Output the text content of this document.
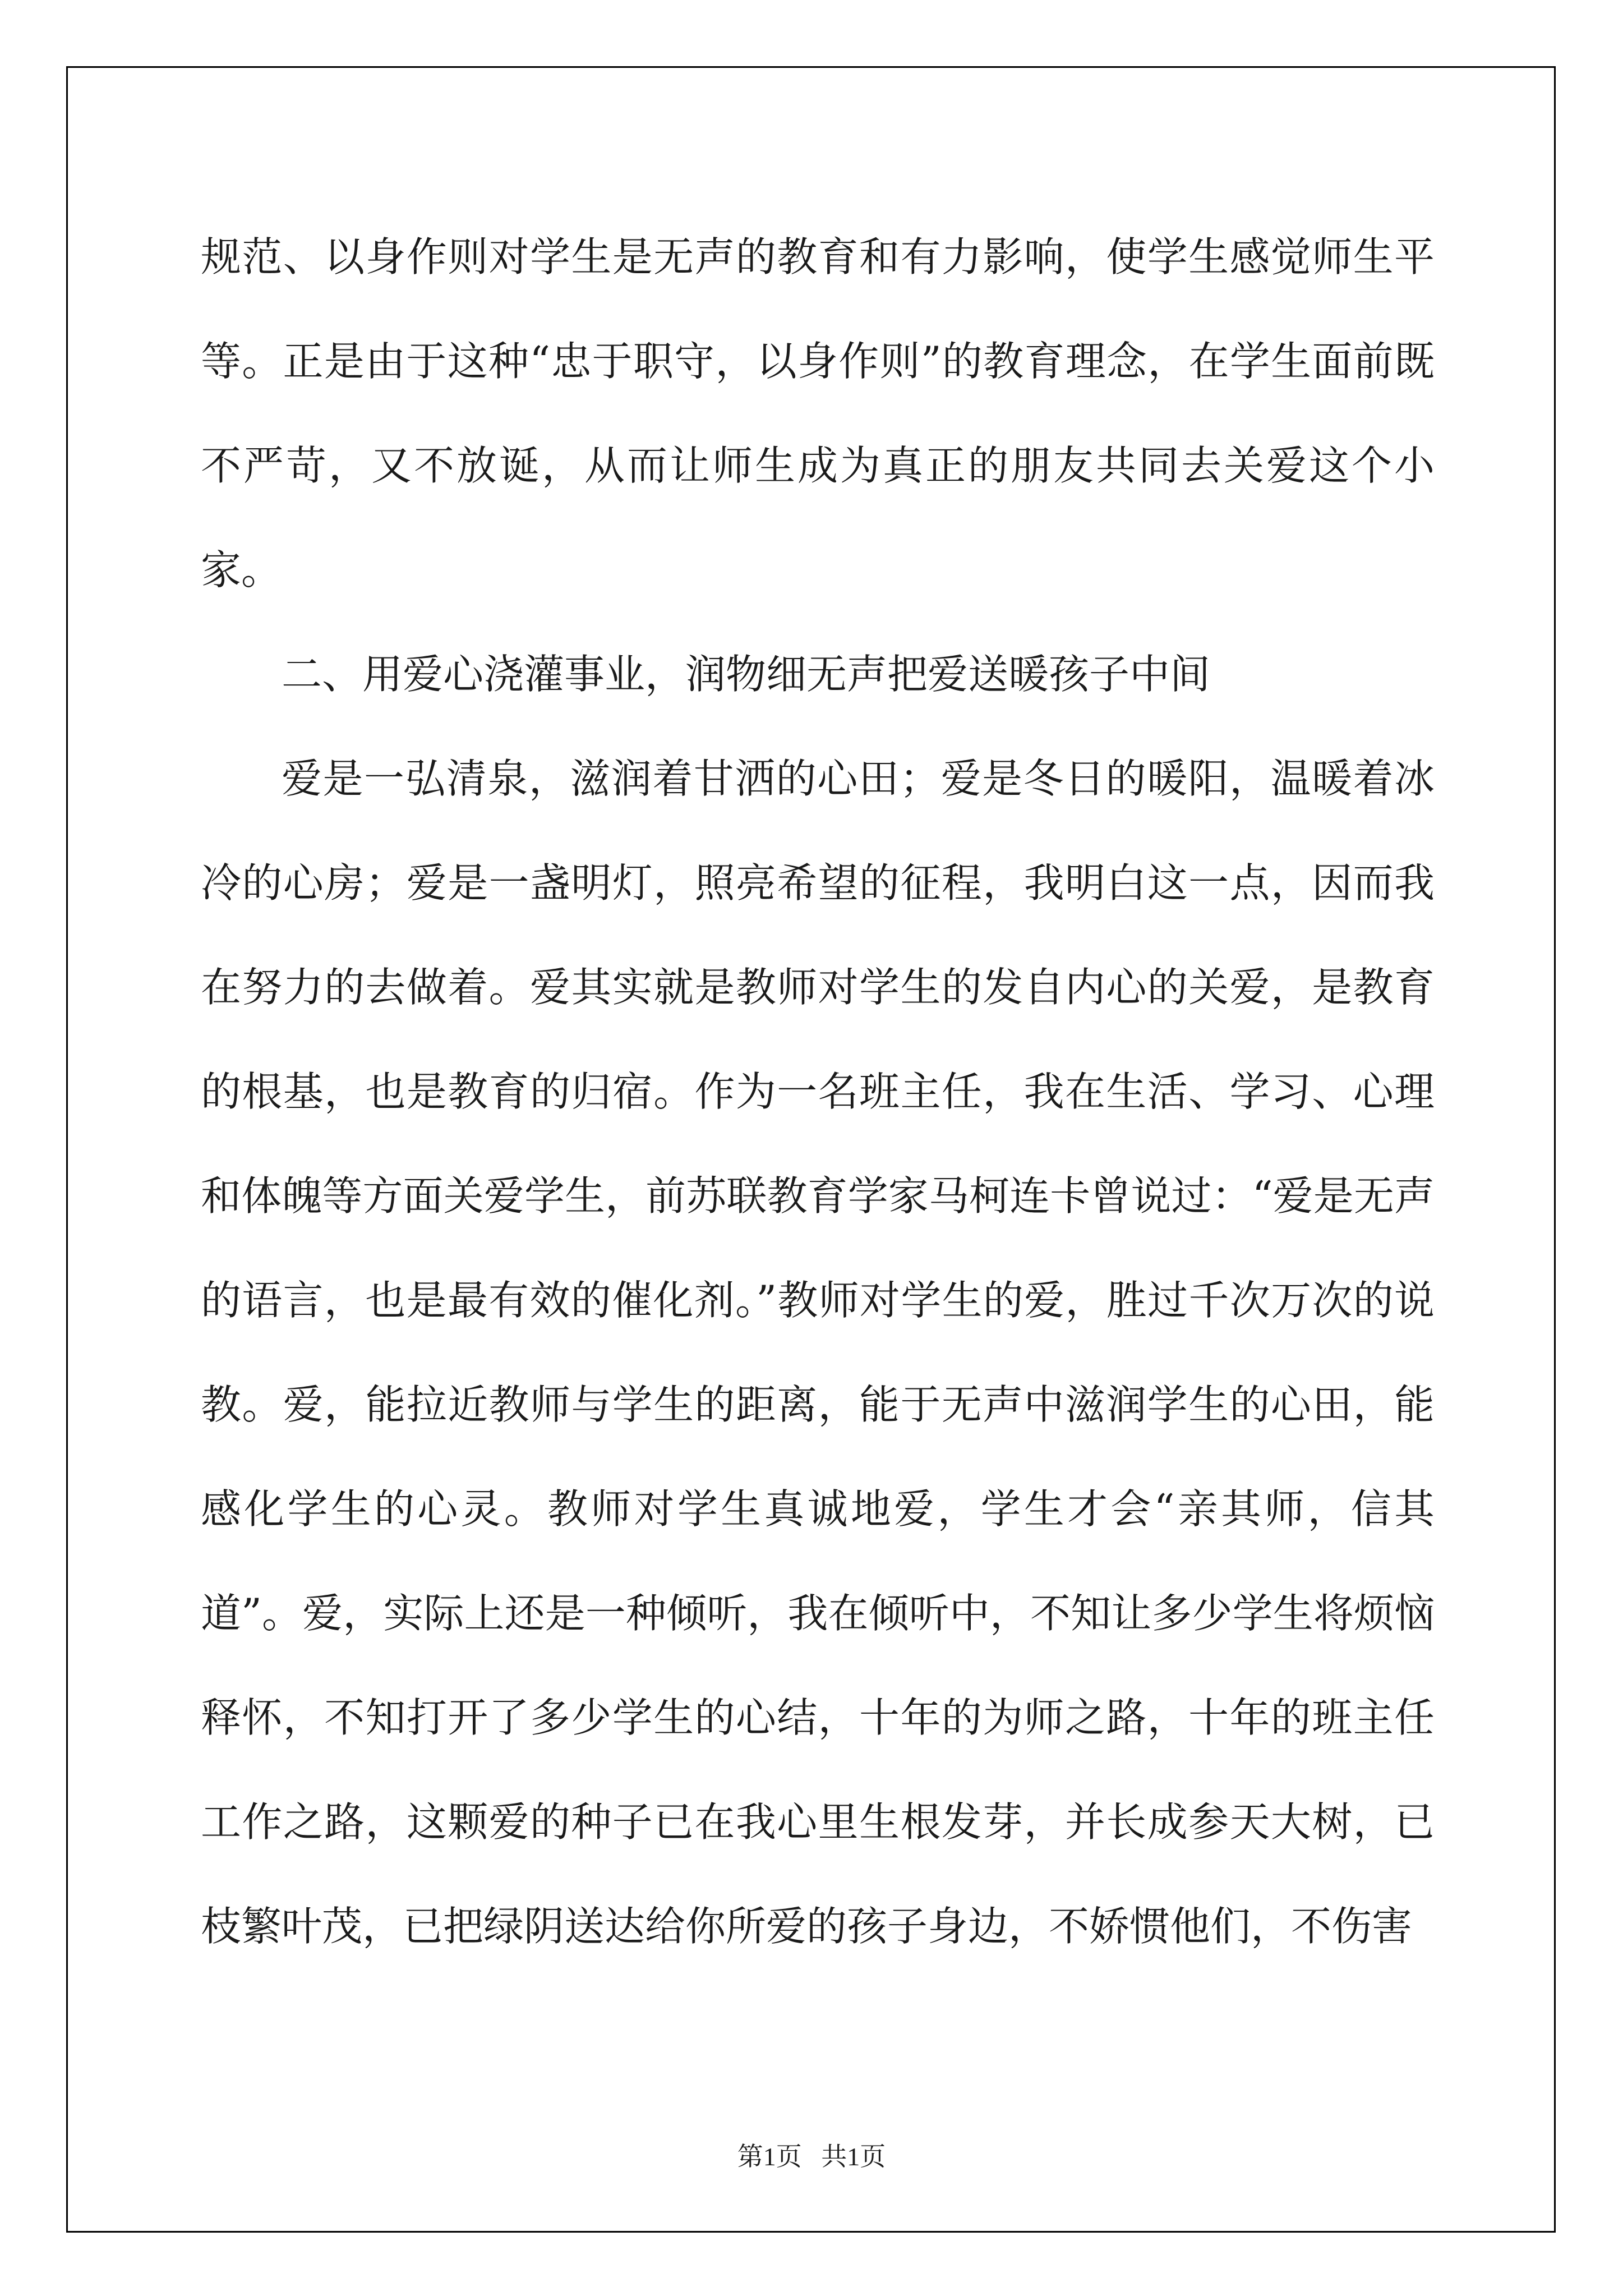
规范、以身作则对学生是无声的教育和有力影响，使学生感觉师生平等。正是由于这种“忠于职守，以身作则”的教育理念，在学生面前既不严苛，又不放诞，从而让师生成为真正的朋友共同去关爱这个小家。

二、用爱心浇灌事业，润物细无声把爱送暖孩子中间

爱是一弘清泉，滋润着甘洒的心田；爱是冬日的暖阳，温暖着冰冷的心房；爱是一盏明灯，照亮希望的征程，我明白这一点，因而我在努力的去做着。爱其实就是教师对学生的发自内心的关爱，是教育的根基，也是教育的归宿。作为一名班主任，我在生活、学习、心理和体魄等方面关爱学生，前苏联教育学家马柯连卡曾说过：“爱是无声的语言，也是最有效的催化剂。”教师对学生的爱，胜过千次万次的说教。爱，能拉近教师与学生的距离，能于无声中滋润学生的心田，能感化学生的心灵。教师对学生真诚地爱，学生才会“亲其师，信其道”。爱，实际上还是一种倾听，我在倾听中，不知让多少学生将烦恼释怀，不知打开了多少学生的心结，十年的为师之路，十年的班主任工作之路，这颗爱的种子已在我心里生根发芽，并长成参天大树，已枝繁叶茂，已把绿阴送达给你所爱的孩子身边，不娇惯他们，不伤害

第1页   共1页
